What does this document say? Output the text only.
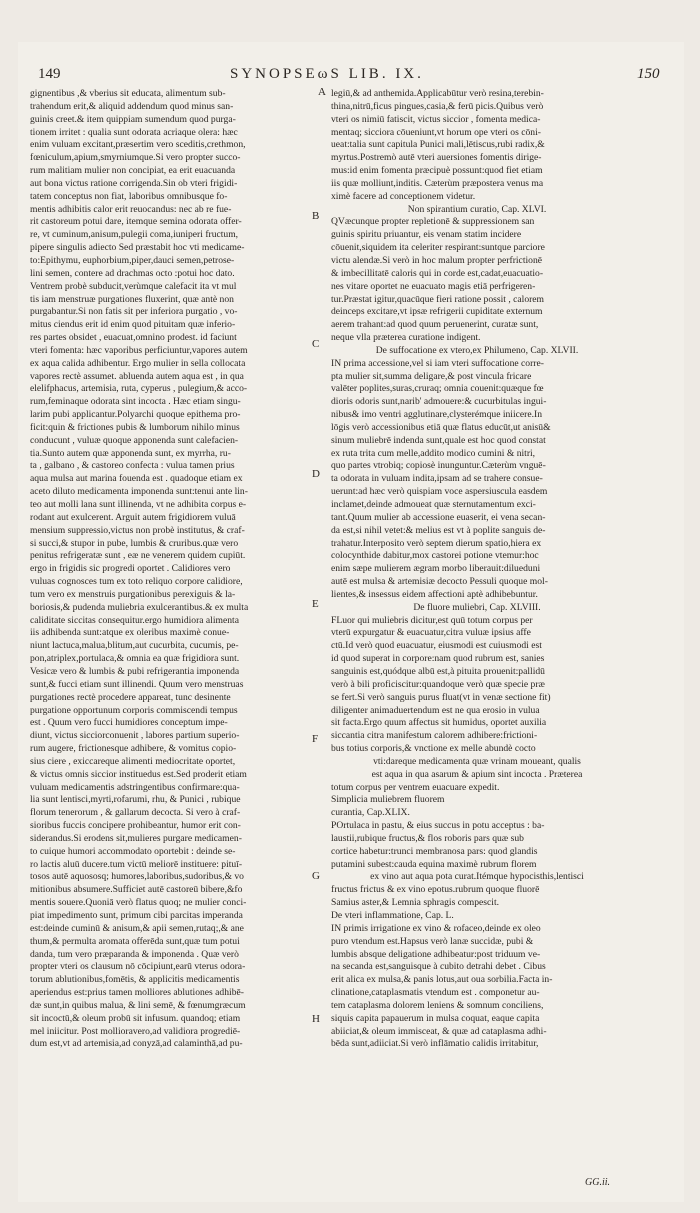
149	SYNOPSEωS LIB. IX.	150
gignentibus ,& vberius sit educata, alimentum sub-
trahendum erit,& aliquid addendum quod minus san-
guinis creet.& item quippiam sumendum quod purga-
tionem irritet : qualia sunt odorata acriaque olera: hæc
enim vuluam excitant,præsertim vero sceditis,crethmon,
fœniculum,apium,smyrniumque.Si vero propter succo-
rum malitiam mulier non concipiat, ea erit euacuanda
aut bona victus ratione corrigenda.Sin ob vteri frigidi-
tatem conceptus non fiat, laboribus omnibusque fo-
mentis adhibitis calor erit reuocandus: nec ab re fue-
rit castoreum potui dare, itemque semina odorata offer-
re, vt cuminum,anisum,pulegii coma,iuniperi fructum,
pipere singulis adiecto Sed præstabit hoc vti medicame-
to:Epithymu, euphorbium,piper,dauci semen,petrose-
lini semen, contere ad drachmas octo :potui hoc dato.
Ventrem probè subducit,verùmque calefacit ita vt mul
tis iam menstruæ purgationes fluxerint, quæ antè non
purgabantur.Si non fatis sit per inferiora purgatio , vo-
mitus ciendus erit id enim quod pituitam quæ inferio-
res partes obsidet , euacuat,omnino prodest. id faciunt
vteri fomenta: hæc vaporibus perficiuntur,vapores autem
ex aqua calida adhibentur. Ergo mulier in sella collocata
vapores rectè assumet. abluenda autem aqua est , in qua
elelifphacus, artemisia, ruta, cyperus , pulegium,& acco-
rum,feminaque odorata sint incocta . Hæc etiam singu-
larim pubi applicantur.Polyarchi quoque epithema pro-
ficit:quin & frictiones pubis & lumborum nihilo minus
conducunt , vuluæ quoque apponenda sunt calefacien-
tia.Sunto autem quæ apponenda sunt, ex myrrha, ru-
ta , galbano , & castoreo confecta : vulua tamen prius
aqua mulsa aut marina fouenda est . quadoque etiam ex
aceto diluto medicamenta imponenda sunt:tenui ante lin-
teo aut molli lana sunt illinenda, vt ne adhibita corpus e-
rodant aut exulcerent. Arguit autem frigidiorem vuluā
mensium suppressio,victus non probè institutus, & craf-
si succi,& stupor in pube, lumbis & cruribus.quæ vero
penitus refrigeratæ sunt , eæ ne venerem quidem cupiūt.
ergo in frigidis sic progredi oportet . Calidiores vero
vuluas cognosces tum ex toto reliquo corpore calidiore,
tum vero ex menstruis purgationibus perexiguis & la-
boriosis,& pudenda muliebria exulcerantibus.& ex multa
caliditate siccitas consequitur.ergo humidiora alimenta
iis adhibenda sunt:atque ex oleribus maximè conue-
niunt lactuca,malua,blitum,aut cucurbita, cucumis, pe-
pon,atriplex,portulaca,& omnia ea quæ frigidiora sunt.
Vesicæ vero & lumbis & pubi refrigerantia imponenda
sunt,& fucci etiam sunt illinendi. Quum vero menstruas
purgationes rectè procedere appareat, tunc desinente
purgatione opportunum corporis commiscendi tempus
est . Quum vero fucci humidiores conceptum impe-
diunt, victus sicciorconuenit , labores partium superio-
rum augere, frictionesque adhibere, & vomitus copio-
sius ciere , exiccareque alimenti mediocritate oportet,
& victus omnis siccior instituedus est.Sed proderit etiam
vuluam medicamentis adstringentibus confirmare:qua-
lia sunt lentisci,myrti,rofarumi, rhu, & Punici , rubique
florum tenerorum , & gallarum decocta. Si vero à craf-
sioribus fuccis concipere prohibeantur, humor erit con-
siderandus.Si erodens sit,mulieres purgare medicamen-
to cuique humori accommodato oportebit : deinde se-
ro lactis aluū ducere.tum victū meliorē instituere: pituī-
tosos autē aquososq; humores,laboribus,sudoribus,& vo
mitionibus absumere.Sufficiet autē castoreū bibere,&fo
mentis souere.Quoniā verò flatus quoq; ne mulier conci-
piat impedimento sunt, primum cibi parcitas imperanda
est:deinde cuminū & anisum,& apii semen,rutaq;,& ane
thum,& permulta aromata offerēda sunt,quæ tum potui
danda, tum vero præparanda & imponenda . Quæ verò
propter vteri os clausum nō cōcipiunt,earū vterus odora-
torum ablutionibus,fomētis, & applicitis medicamentis
aperiendus est:prius tamen molliores ablutiones adhibē-
dæ sunt,in quibus malua, & lini semē, & fœnumgræcum
sit incoctū,& oleum probū sit infusum. quandoq; etiam
mel iniicitur. Post mollioravero,ad validiora progrediē-
dum est,vt ad artemisia,ad conyzā,ad calaminthā,ad pu-
legiū,& ad anthemida.Applicabūtur verò resina,terebin-
thina,nitrū,ficus pingues,casia,& ferū picis.Quibus verò
vteri os nimiū fatiscit, victus siccior , fomenta medica-
mentaq; sicciora cōueniunt,vt horum ope vteri os cōni-
ueat:talia sunt capitula Punici mali,lētiscus,rubi radix,&
myrtus.Postremò autē vteri auersiones fomentis dirige-
mus:id enim fomenta præcipuè possunt:quod fiet etiam
iis quæ molliunt,inditis. Cæterùm præpostera venus ma
ximè facere ad conceptionem videtur.
Non spirantium curatio, Cap. XLVI.
QVæcunque propter repletionē & suppressionem san
guinis spiritu priuantur, eis venam statim incidere
cōuenit,siquidem ita celeriter respirant:suntque parciore
victu alendæ.Si verò in hoc malum propter perfrictionē
& imbecillitatē caloris qui in corde est,cadat,euacuatio-
nes vitare oportet ne euacuato magis etiā perfrigeren-
tur.Præstat igitur,quacūque fieri ratione possit , calorem
deinceps excitare,vt ipsæ refrigerii cupiditate externum
aerem trahant:ad quod quum peruenerint, curatæ sunt,
neque vlla præterea curatione indigent.
De suffocatione ex vtero,ex Philumeno, Cap. XLVII.
IN prima accessione,vel si iam vteri suffocatione corre-
pta mulier sit,summa deligare,& post vincula fricare
valēter poplites,suras,cruraq; omnia couenit:quæque fœ
dioris odoris sunt,narib' admouere:& cucurbitulas ingui-
nibus& imo ventri agglutinare,clysterémque iniicere.In
lōgis verò accessionibus etiā quæ flatus educūt,ut anisū&
sinum muliebrē indenda sunt,quale est hoc quod constat
ex ruta trita cum melle,addito modico cumini & nitri,
quo partes vtrobiq; copiosè inunguntur.Cæterùm vnguē-
ta odorata in vuluam indita,ipsam ad se trahere consue-
uerunt:ad hæc verò quispiam voce aspersiuscula easdem
inclamet,deinde admoueat quæ sternutamentum exci-
tant.Quum mulier ab accessione euaserit, ei vena secan-
da est,si nihil vetet:& melius est vt à poplite sanguis de-
trahatur.Interposito verò septem dierum spatio,hiera ex
colocynthide dabitur,mox castorei potione vtemur:hoc
enim sæpe mulierem ægram morbo liberauit:dilueduni
autē est mulsa & artemisiæ decocto Pessuli quoque mol-
lientes,& insessus eidem affectioni aptè adhibebuntur.
De fluore muliebri, Cap. XLVIII.
FLuor qui muliebris dicitur,est quū totum corpus per
vterū expurgatur & euacuatur,citra vuluæ ipsius affe
ctū.Id verò quod euacuatur, eiusmodi est cuiusmodi est
id quod superat in corpore:nam quod rubrum est, sanies
sanguinis est,quódque albū est,à pituita prouenit:pallidū
verò à bili proficiscitur:quandoque verò quæ specie præ
se fert.Si verò sanguis purus fluat(vt in venæ sectione fit)
diligenter animaduertendum est ne qua erosio in vulua
sit facta.Ergo quum affectus sit humidus, oportet auxilia
siccantia citra manifestum calorem adhibere:frictioni-
bus totius corporis,& vnctione ex melle abundè cocto
vti:dareque medicamenta quæ vrinam moueant, qualis
est aqua in qua asarum & apium sint incocta . Præterea
totum corpus per ventrem euacuare expedit.
Simplicia muliebrem fluorem
curantia, Cap.XLIX.
POrtulaca in pastu, & eius succus in potu acceptus : ba-
laustii,rubique fructus,& flos roboris pars quæ sub
cortice habetur:trunci membranosa pars: quod glandis
putamini subest:cauda equina maximè rubrum florem
ex vino aut aqua pota curat.Itémque hypocisthis,lentisci
fructus frictus & ex vino epotus.rubrum quoque fluorē
Samius aster,& Lemnia sphragis compescit.
De vteri inflammatione, Cap. L.
IN primis irrigatione ex vino & rofaceo,deinde ex oleo
puro vtendum est.Hapsus verò lanæ succidæ, pubi &
lumbis absque deligatione adhibeatur:post triduum ve-
na secanda est,sanguisque à cubito detrahi debet . Cibus
erit alica ex mulsa,& panis lotus,aut oua sorbilia.Facta in-
clinatione,cataplasmatis vtendum est . componetur au-
tem cataplasma dolorem leniens & somnum conciliens,
siquis capita papauerum in mulsa coquat, eaque capita
abiiciat,& oleum immisceat, & quæ ad cataplasma adhi-
bēda sunt,adiiciat.Si verò inflāmatio calidis irritabitur,
B
C
D
E
F
G
H
A
GG.ii.
